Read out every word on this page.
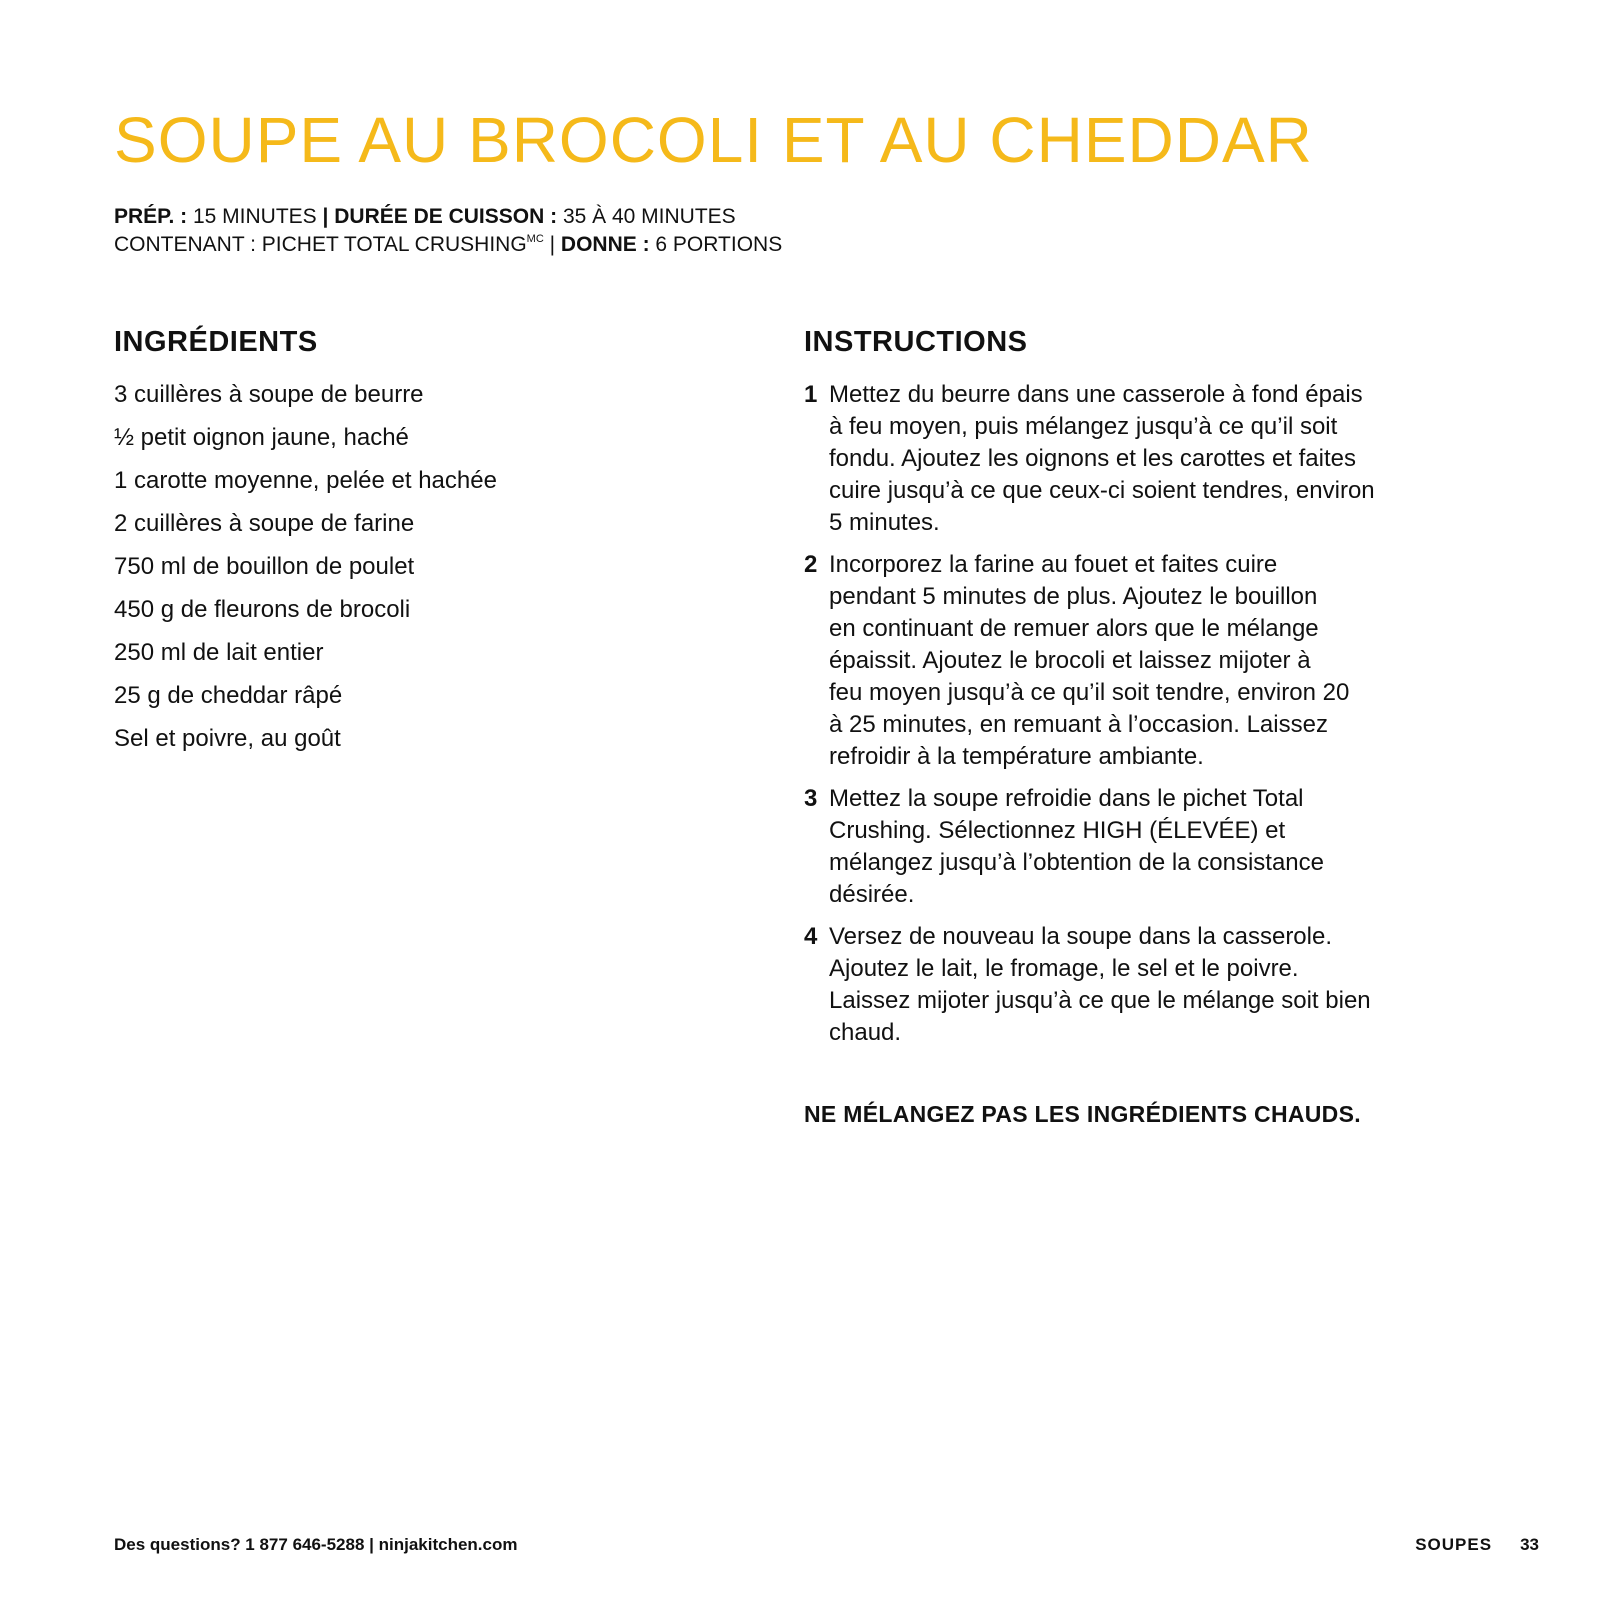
SOUPE AU BROCOLI ET AU CHEDDAR
PRÉP. : 15 MINUTES | DURÉE DE CUISSON : 35 À 40 MINUTES
CONTENANT : PICHET TOTAL $CRUSHING^{MC}$ | DONNE : 6 PORTIONS
INGRÉDIENTS
3 cuillères à soupe de beurre
½ petit oignon jaune, haché
1 carotte moyenne, pelée et hachée
2 cuillères à soupe de farine
750 ml de bouillon de poulet
450 g de fleurons de brocoli
250 ml de lait entier
25 g de cheddar râpé
Sel et poivre, au goût
INSTRUCTIONS
1 Mettez du beurre dans une casserole à fond épais
à feu moyen, puis mélangez jusqu’à ce qu’il soit
fondu. Ajoutez les oignons et les carottes et faites
cuire jusqu’à ce que ceux-ci soient tendres, environ
5 minutes.
2 Incorporez la farine au fouet et faites cuire
pendant 5 minutes de plus. Ajoutez le bouillon
en continuant de remuer alors que le mélange
épaissit. Ajoutez le brocoli et laissez mijoter à
feu moyen jusqu’à ce qu’il soit tendre, environ 20
à 25 minutes, en remuant à l’occasion. Laissez
refroidir à la température ambiante.
3 Mettez la soupe refroidie dans le pichet Total
Crushing. Sélectionnez HIGH (ÉLEVÉE) et
mélangez jusqu’à l’obtention de la consistance
désirée.
4 Versez de nouveau la soupe dans la casserole.
Ajoutez le lait, le fromage, le sel et le poivre.
Laissez mijoter jusqu’à ce que le mélange soit bien
chaud.
NE MÉLANGEZ PAS LES INGRÉDIENTS CHAUDS.
Des questions? 1 877 646-5288 | ninjakitchen.com	SOUPES 33
